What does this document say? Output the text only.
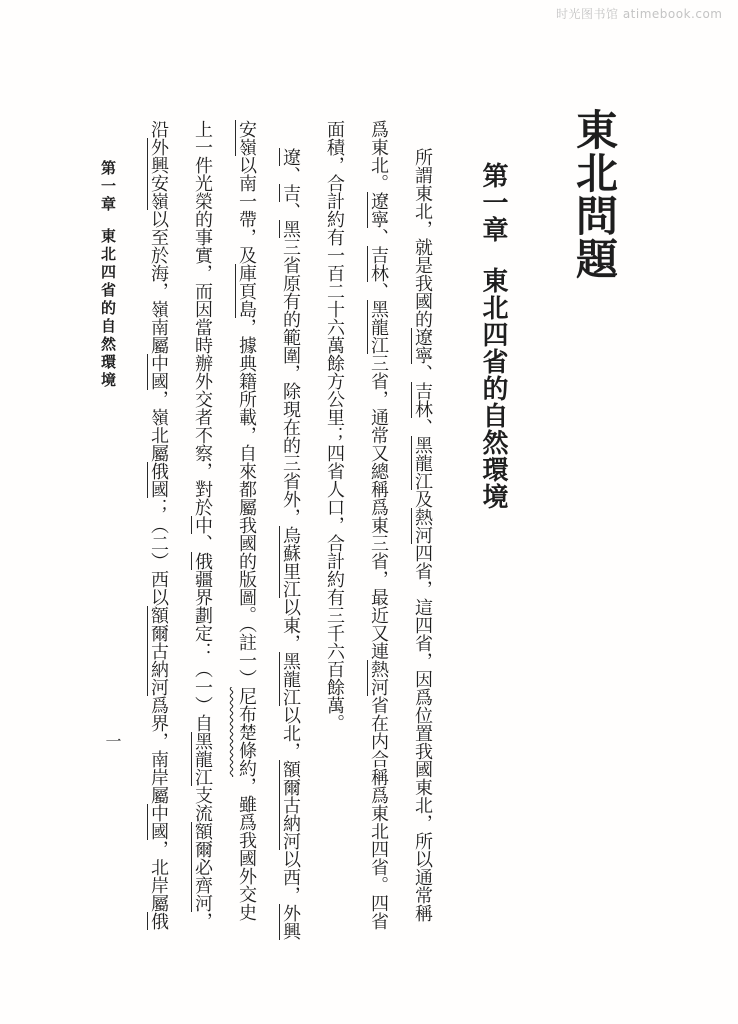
时光图书馆 atimebook.com
東北問題
第一章東北四省的自然環境
所謂東北，就是我國的遼寧、吉林、黑龍江及熱河四省，這四省，因爲位置我國東北，所以通常稱
爲東北。遼寧、吉林、黑龍江三省，通常又總稱爲東三省，最近又連熱河省在内合稱爲東北四省。四省
面積，合計約有一百二十六萬餘方公里；四省人口，合計約有三千六百餘萬。
遼、吉、黑三省原有的範圍，除現在的三省外，烏蘇里江以東，黑龍江以北，額爾古納河以西，外興
安嶺以南一帶，及庫頁島，據典籍所載，自來都屬我國的版圖。（註一）尼布楚條約，雖爲我國外交史
上一件光榮的事實，而因當時辦外交者不察，對於中、俄疆界劃定：（一）自黑龍江支流額爾必齊河，
沿外興安嶺以至於海，嶺南屬中國，嶺北屬俄國；（二）西以額爾古納河爲界，南岸屬中國，北岸屬俄
第一章東北四省的自然環境
一
